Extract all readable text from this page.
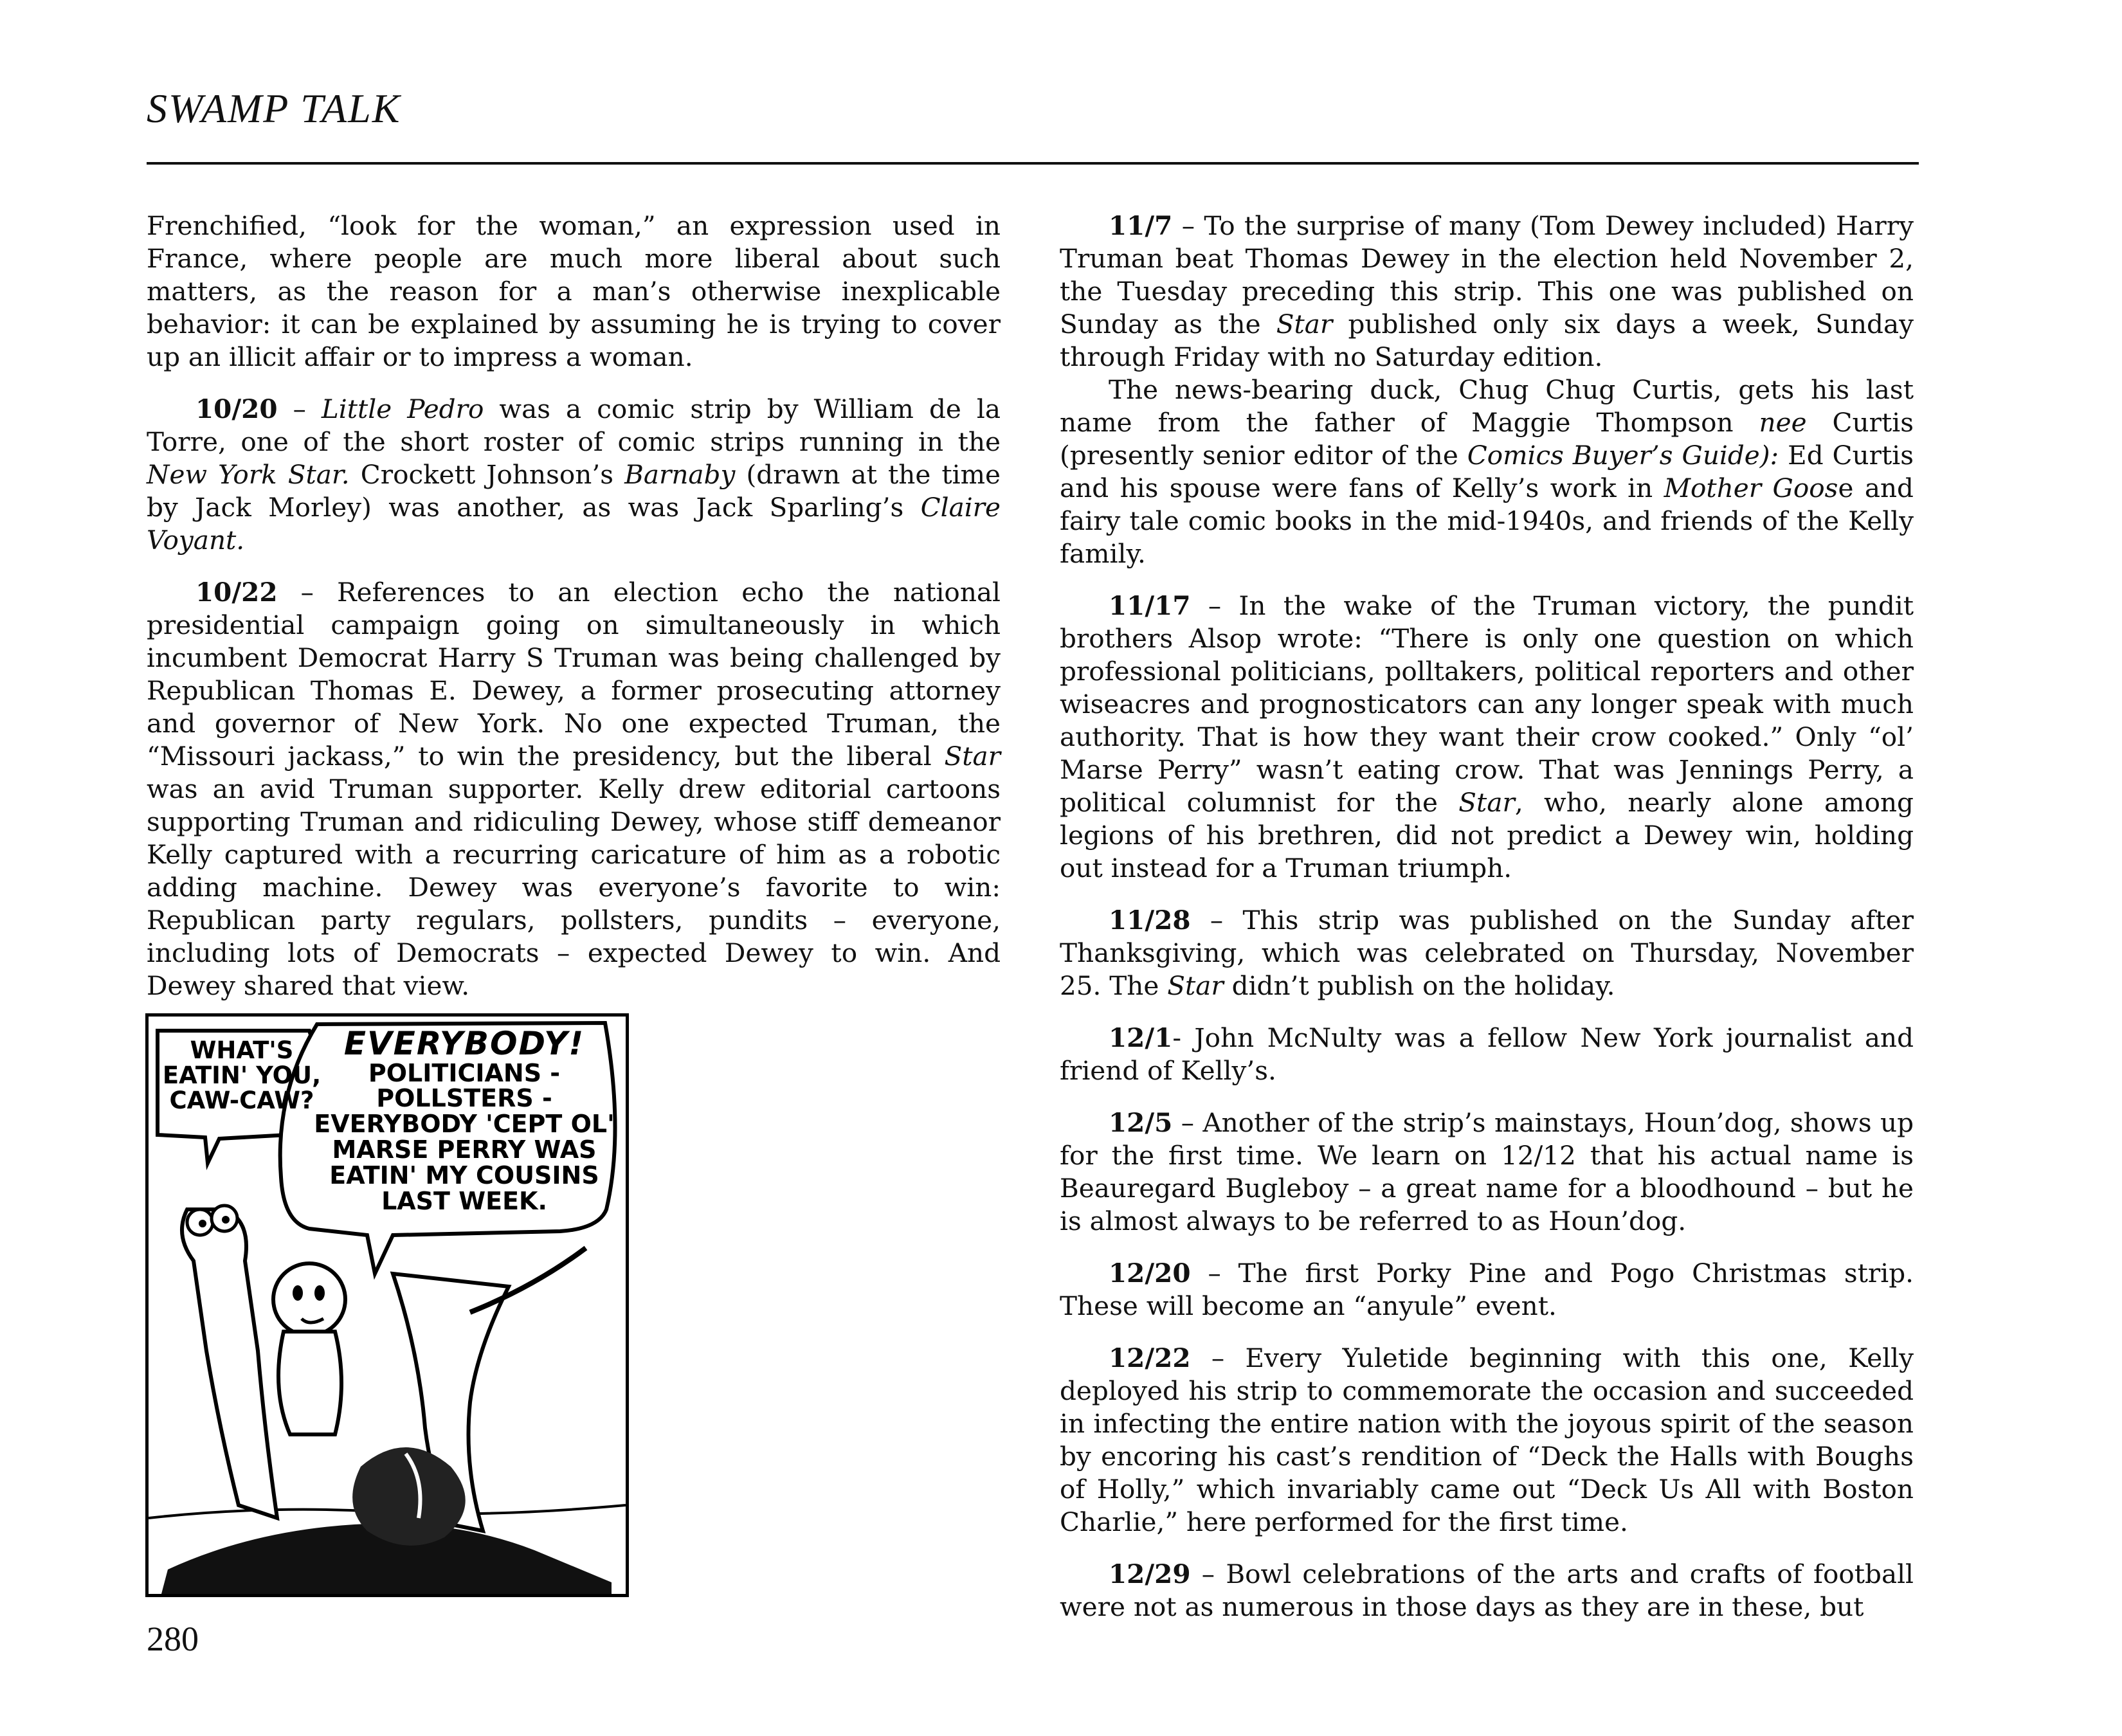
SWAMP TALK

Frenchified, “look for the woman,” an expression used in France, where people are much more liberal about such matters, as the reason for a man’s otherwise inexplicable behavior: it can be explained by assuming he is trying to cover up an illicit affair or to impress a woman.

10/20 – Little Pedro was a comic strip by William de la Torre, one of the short roster of comic strips running in the New York Star. Crockett Johnson’s Barnaby (drawn at the time by Jack Morley) was another, as was Jack Sparling’s Claire Voyant.

10/22 – References to an election echo the national presidential campaign going on simultaneously in which incumbent Democrat Harry S Truman was being challenged by Republican Thomas E. Dewey, a former prosecuting attorney and governor of New York. No one expected Truman, the “Missouri jackass,” to win the presidency, but the liberal Star was an avid Truman supporter. Kelly drew editorial cartoons supporting Truman and ridiculing Dewey, whose stiff demeanor Kelly captured with a recurring caricature of him as a robotic adding machine. Dewey was everyone’s favorite to win: Republican party regulars, pollsters, pundits – everyone, including lots of Democrats – expected Dewey to win. And Dewey shared that view.

WHAT'S EATIN' YOU, CAW-CAW?
EVERYBODY!
POLITICIANS - POLLSTERS - EVERYBODY 'CEPT OL' MARSE PERRY WAS EATIN' MY COUSINS LAST WEEK.

11/7 – To the surprise of many (Tom Dewey included) Harry Truman beat Thomas Dewey in the election held November 2, the Tuesday preceding this strip. This one was published on Sunday as the Star published only six days a week, Sunday through Friday with no Saturday edition.

The news-bearing duck, Chug Chug Curtis, gets his last name from the father of Maggie Thompson nee Curtis (presently senior editor of the Comics Buyer’s Guide): Ed Curtis and his spouse were fans of Kelly’s work in Mother Goose and fairy tale comic books in the mid-1940s, and friends of the Kelly family.

11/17 – In the wake of the Truman victory, the pundit brothers Alsop wrote: “There is only one question on which professional politicians, polltakers, political reporters and other wiseacres and prognosticators can any longer speak with much authority. That is how they want their crow cooked.” Only “ol’ Marse Perry” wasn’t eating crow. That was Jennings Perry, a political columnist for the Star, who, nearly alone among legions of his brethren, did not predict a Dewey win, holding out instead for a Truman triumph.

11/28 – This strip was published on the Sunday after Thanksgiving, which was celebrated on Thursday, November 25. The Star didn’t publish on the holiday.

12/1- John McNulty was a fellow New York journalist and friend of Kelly’s.

12/5 – Another of the strip’s mainstays, Houn’dog, shows up for the first time. We learn on 12/12 that his actual name is Beauregard Bugleboy – a great name for a bloodhound – but he is almost always to be referred to as Houn’dog.

12/20 – The first Porky Pine and Pogo Christmas strip. These will become an “anyule” event.

12/22 – Every Yuletide beginning with this one, Kelly deployed his strip to commemorate the occasion and succeeded in infecting the entire nation with the joyous spirit of the season by encoring his cast’s rendition of “Deck the Halls with Boughs of Holly,” which invariably came out “Deck Us All with Boston Charlie,” here performed for the first time.

12/29 – Bowl celebrations of the arts and crafts of football were not as numerous in those days as they are in these, but

280
